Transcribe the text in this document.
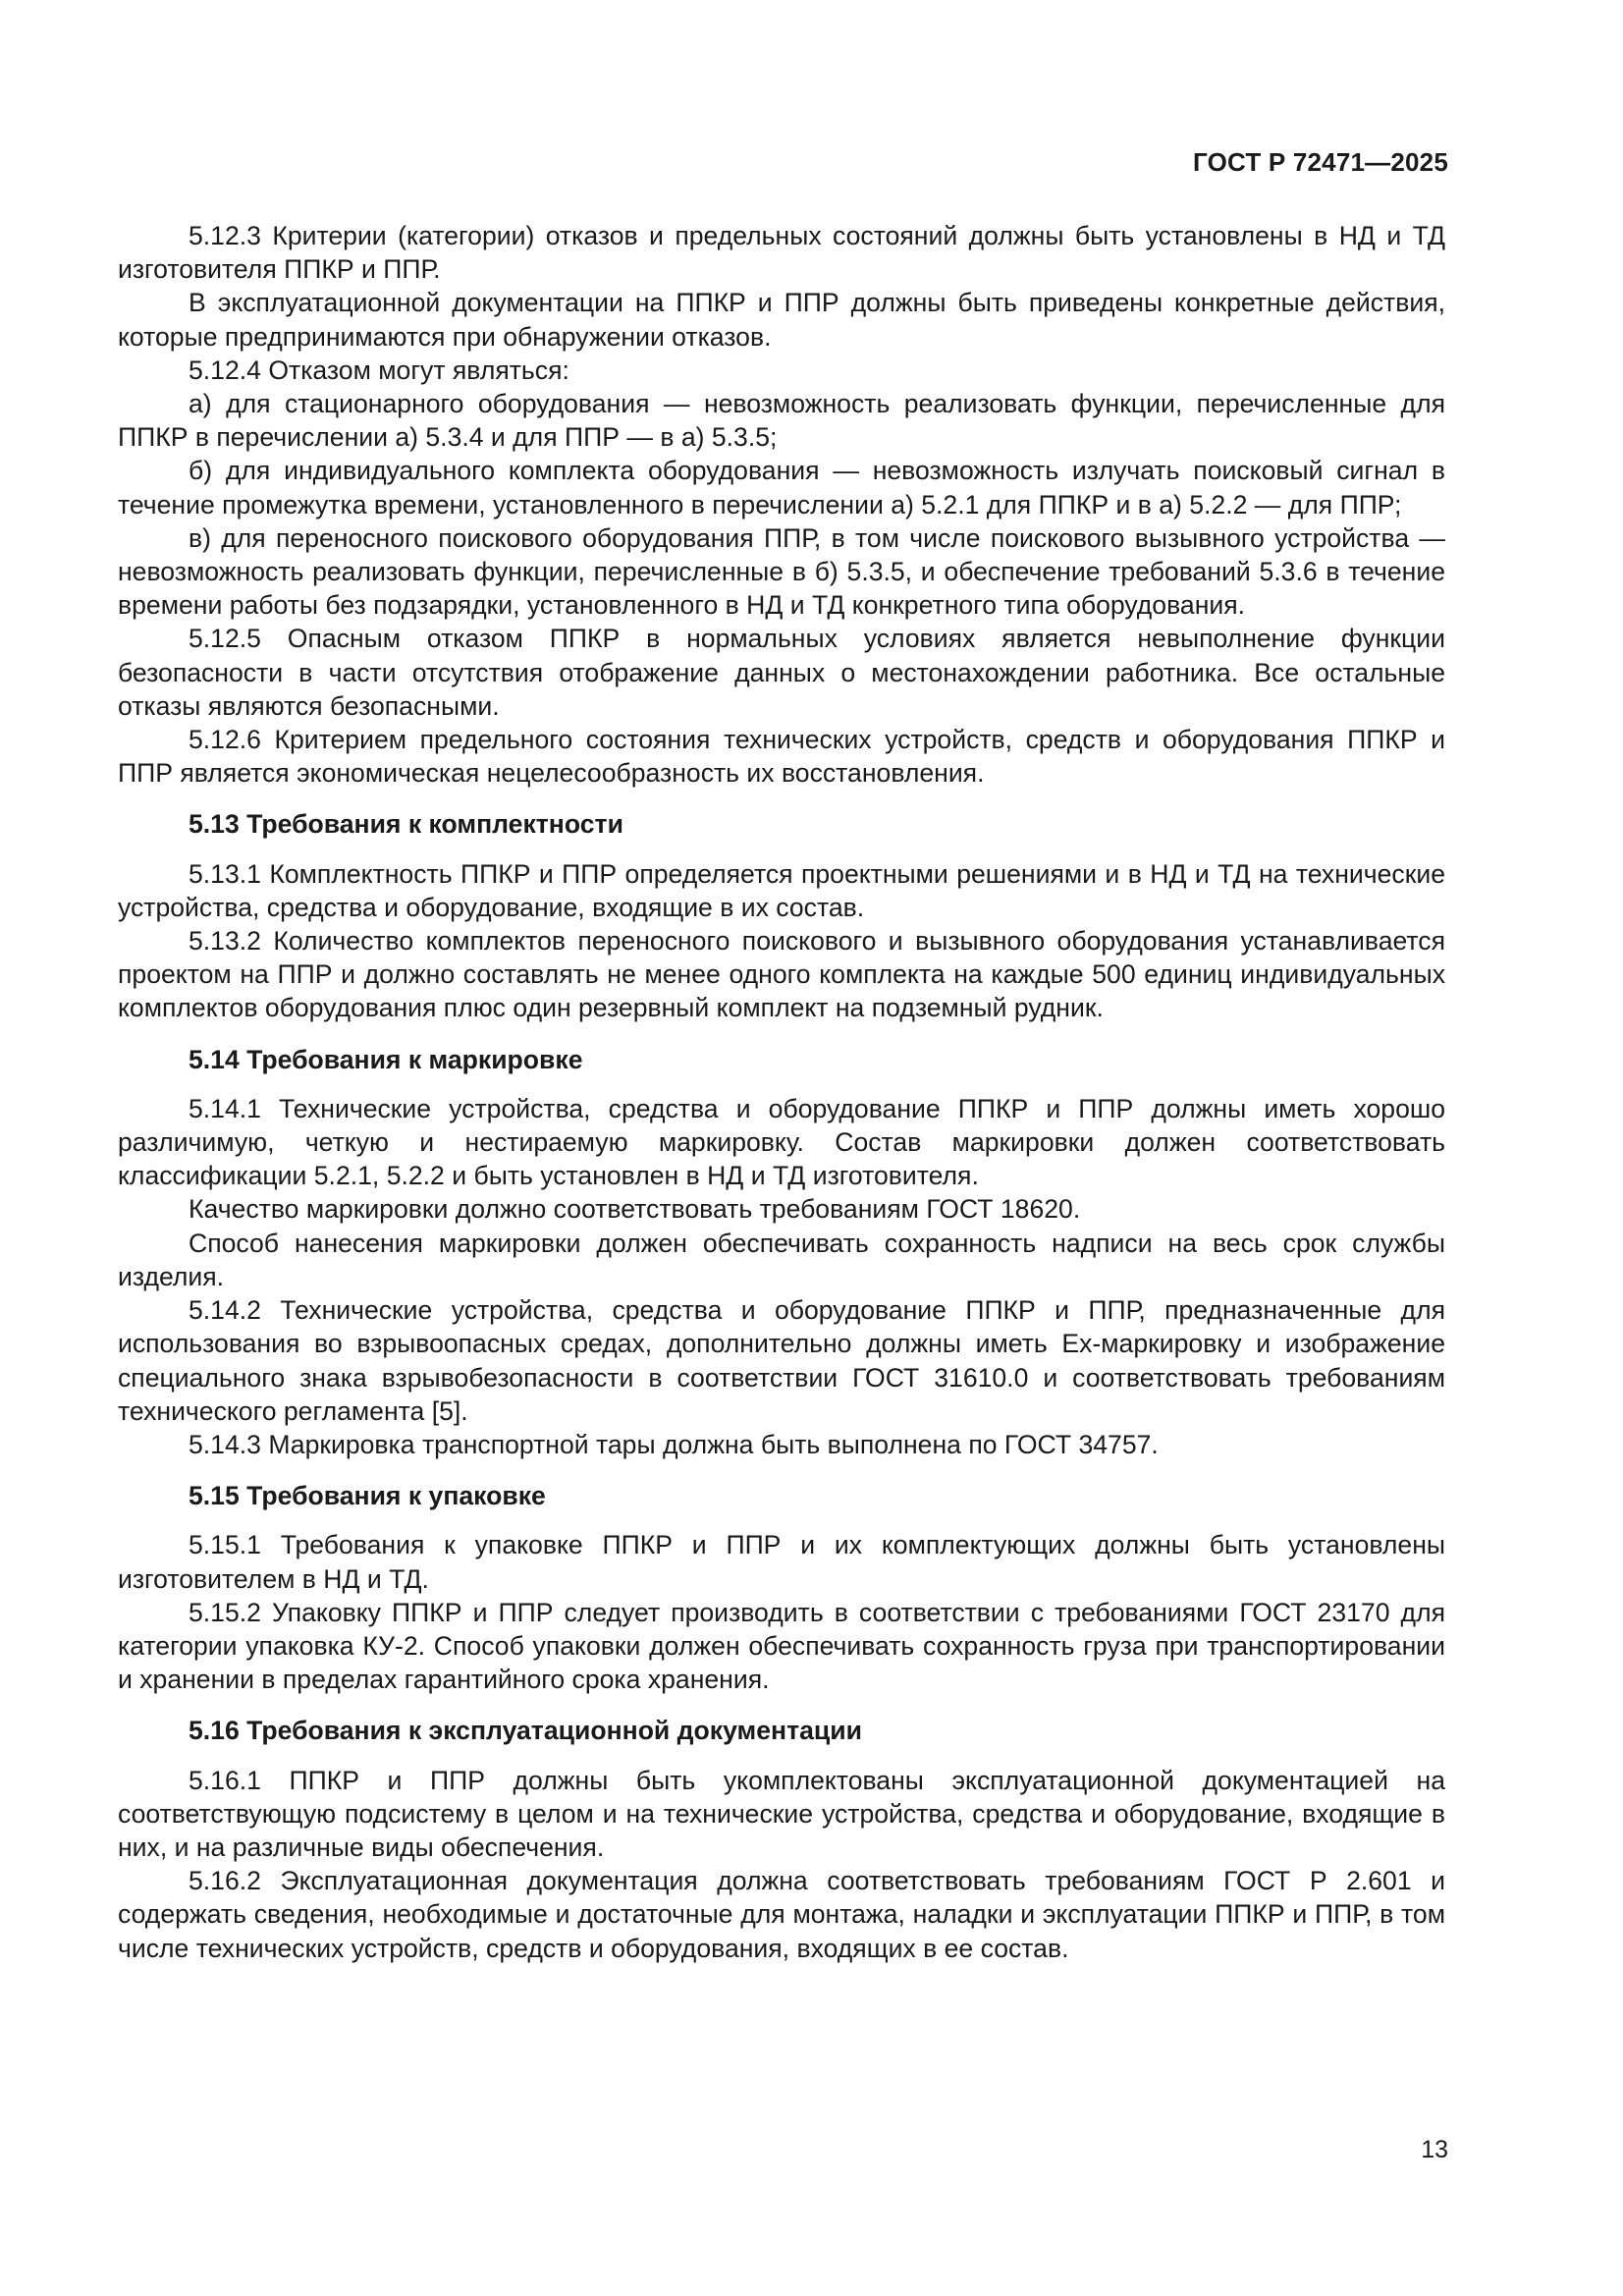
ГОСТ Р 72471—2025

5.12.3 Критерии (категории) отказов и предельных состояний должны быть установлены в НД и ТД изготовителя ППКР и ППР.

В эксплуатационной документации на ППКР и ППР должны быть приведены конкретные действия, которые предпринимаются при обнаружении отказов.

5.12.4 Отказом могут являться:

а) для стационарного оборудования — невозможность реализовать функции, перечисленные для ППКР в перечислении а) 5.3.4 и для ППР — в а) 5.3.5;

б) для индивидуального комплекта оборудования — невозможность излучать поисковый сигнал в течение промежутка времени, установленного в перечислении а) 5.2.1 для ППКР и в а) 5.2.2 — для ППР;

в) для переносного поискового оборудования ППР, в том числе поискового вызывного устройства — невозможность реализовать функции, перечисленные в б) 5.3.5, и обеспечение требований 5.3.6 в течение времени работы без подзарядки, установленного в НД и ТД конкретного типа оборудования.

5.12.5 Опасным отказом ППКР в нормальных условиях является невыполнение функции безопасности в части отсутствия отображение данных о местонахождении работника. Все остальные отказы являются безопасными.

5.12.6 Критерием предельного состояния технических устройств, средств и оборудования ППКР и ППР является экономическая нецелесообразность их восстановления.

5.13 Требования к комплектности

5.13.1 Комплектность ППКР и ППР определяется проектными решениями и в НД и ТД на технические устройства, средства и оборудование, входящие в их состав.

5.13.2 Количество комплектов переносного поискового и вызывного оборудования устанавливается проектом на ППР и должно составлять не менее одного комплекта на каждые 500 единиц индивидуальных комплектов оборудования плюс один резервный комплект на подземный рудник.

5.14 Требования к маркировке

5.14.1 Технические устройства, средства и оборудование ППКР и ППР должны иметь хорошо различимую, четкую и нестираемую маркировку. Состав маркировки должен соответствовать классификации 5.2.1, 5.2.2 и быть установлен в НД и ТД изготовителя.

Качество маркировки должно соответствовать требованиям ГОСТ 18620.

Способ нанесения маркировки должен обеспечивать сохранность надписи на весь срок службы изделия.

5.14.2 Технические устройства, средства и оборудование ППКР и ППР, предназначенные для использования во взрывоопасных средах, дополнительно должны иметь Ex-маркировку и изображение специального знака взрывобезопасности в соответствии ГОСТ 31610.0 и соответствовать требованиям технического регламента [5].

5.14.3 Маркировка транспортной тары должна быть выполнена по ГОСТ 34757.

5.15 Требования к упаковке

5.15.1 Требования к упаковке ППКР и ППР и их комплектующих должны быть установлены изготовителем в НД и ТД.

5.15.2 Упаковку ППКР и ППР следует производить в соответствии с требованиями ГОСТ 23170 для категории упаковка КУ-2. Способ упаковки должен обеспечивать сохранность груза при транспортировании и хранении в пределах гарантийного срока хранения.

5.16 Требования к эксплуатационной документации

5.16.1 ППКР и ППР должны быть укомплектованы эксплуатационной документацией на соответствующую подсистему в целом и на технические устройства, средства и оборудование, входящие в них, и на различные виды обеспечения.

5.16.2 Эксплуатационная документация должна соответствовать требованиям ГОСТ Р 2.601 и содержать сведения, необходимые и достаточные для монтажа, наладки и эксплуатации ППКР и ППР, в том числе технических устройств, средств и оборудования, входящих в ее состав.

13
